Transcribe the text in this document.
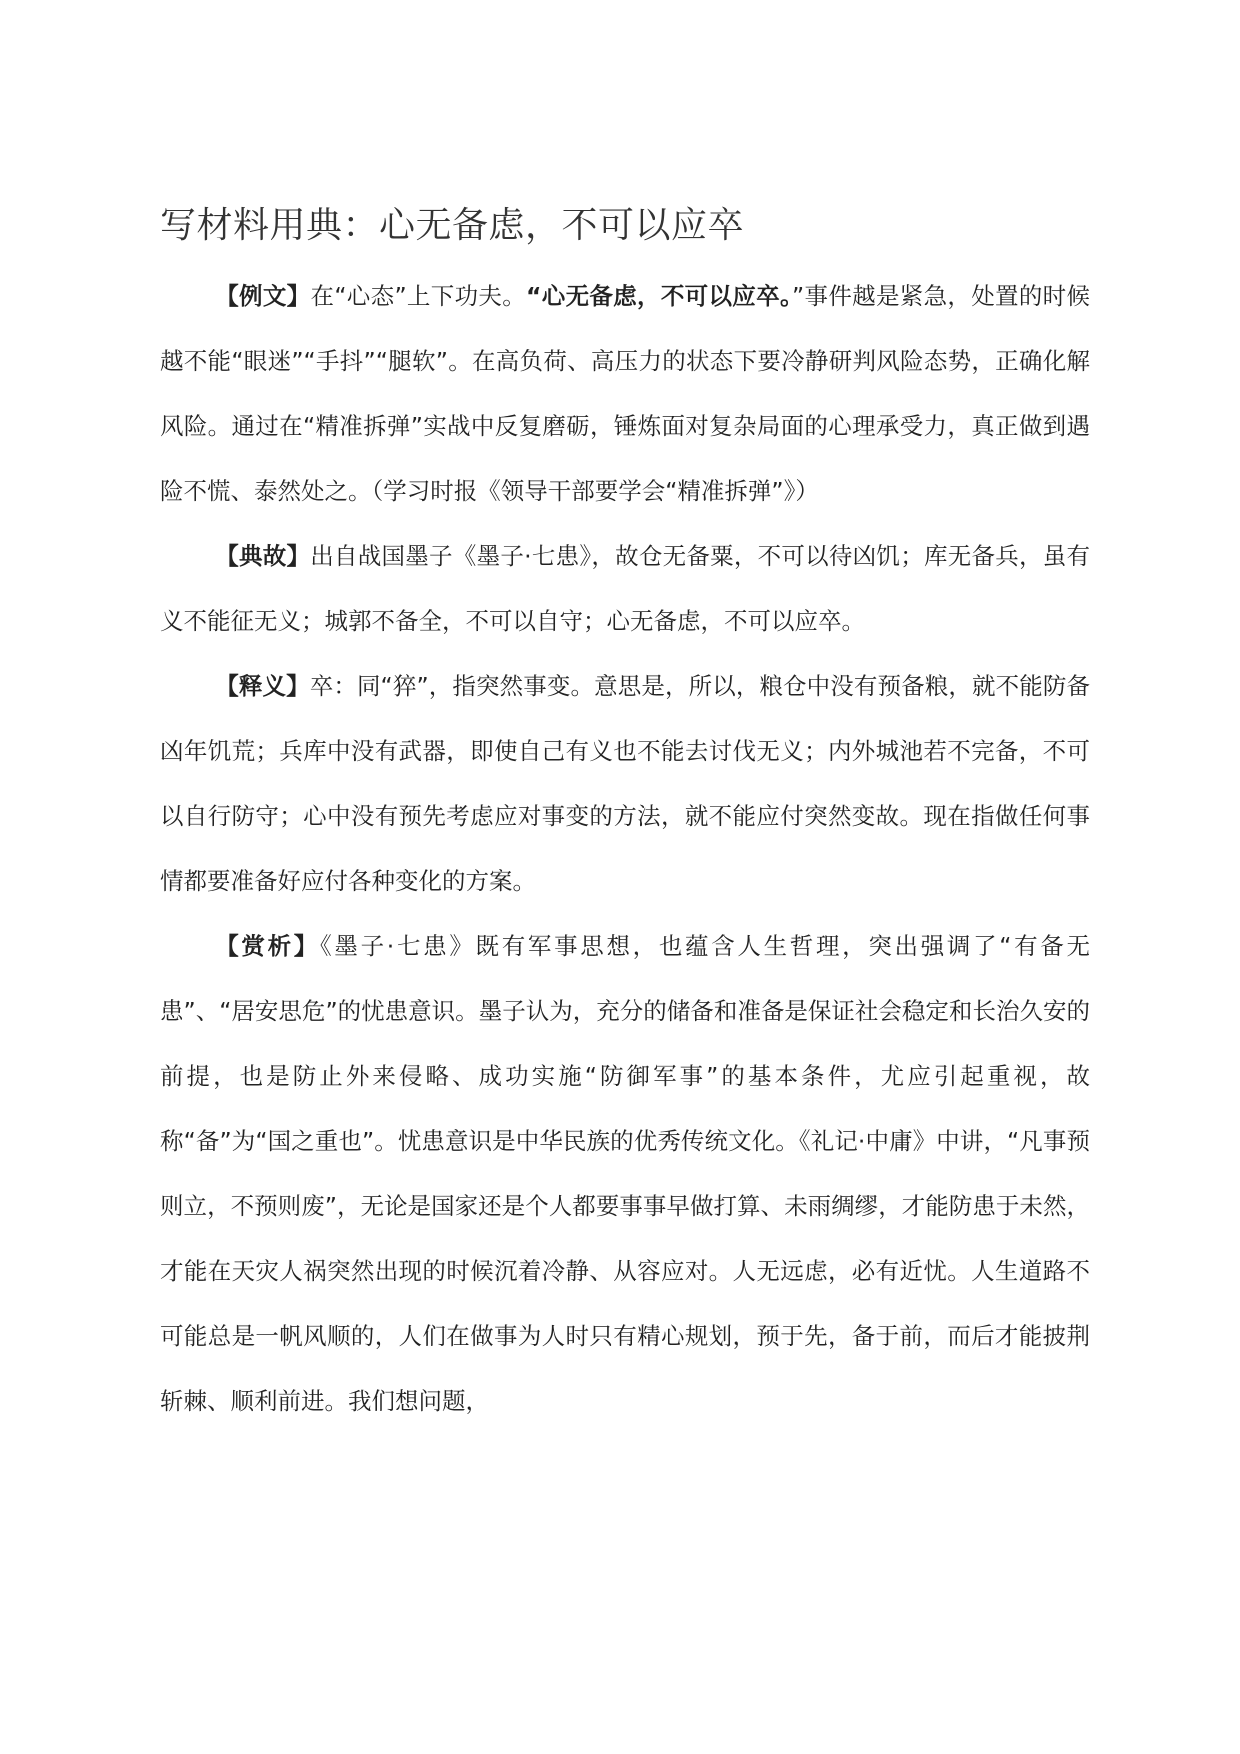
写材料用典：心无备虑，不可以应卒

【例文】在“心态”上下功夫。“心无备虑，不可以应卒。”事件越是紧急，处置的时候越不能“眼迷”“手抖”“腿软”。在高负荷、高压力的状态下要冷静研判风险态势，正确化解风险。通过在“精准拆弹”实战中反复磨砺，锤炼面对复杂局面的心理承受力，真正做到遇险不慌、泰然处之。（学习时报《领导干部要学会“精准拆弹”》）

【典故】出自战国墨子《墨子·七患》，故仓无备粟，不可以待凶饥；库无备兵，虽有义不能征无义；城郭不备全，不可以自守；心无备虑，不可以应卒。

【释义】卒：同“猝”，指突然事变。意思是，所以，粮仓中没有预备粮，就不能防备凶年饥荒；兵库中没有武器，即使自己有义也不能去讨伐无义；内外城池若不完备，不可以自行防守；心中没有预先考虑应对事变的方法，就不能应付突然变故。现在指做任何事情都要准备好应付各种变化的方案。

【赏析】《墨子·七患》既有军事思想，也蕴含人生哲理，突出强调了“有备无患”、“居安思危”的忧患意识。墨子认为，充分的储备和准备是保证社会稳定和长治久安的前提，也是防止外来侵略、成功实施“防御军事”的基本条件，尤应引起重视，故称“备”为“国之重也”。忧患意识是中华民族的优秀传统文化。《礼记·中庸》中讲，“凡事预则立，不预则废”，无论是国家还是个人都要事事早做打算、未雨绸缪，才能防患于未然，才能在天灾人祸突然出现的时候沉着冷静、从容应对。人无远虑，必有近忧。人生道路不可能总是一帆风顺的，人们在做事为人时只有精心规划，预于先，备于前，而后才能披荆斩棘、顺利前进。我们想问题，
